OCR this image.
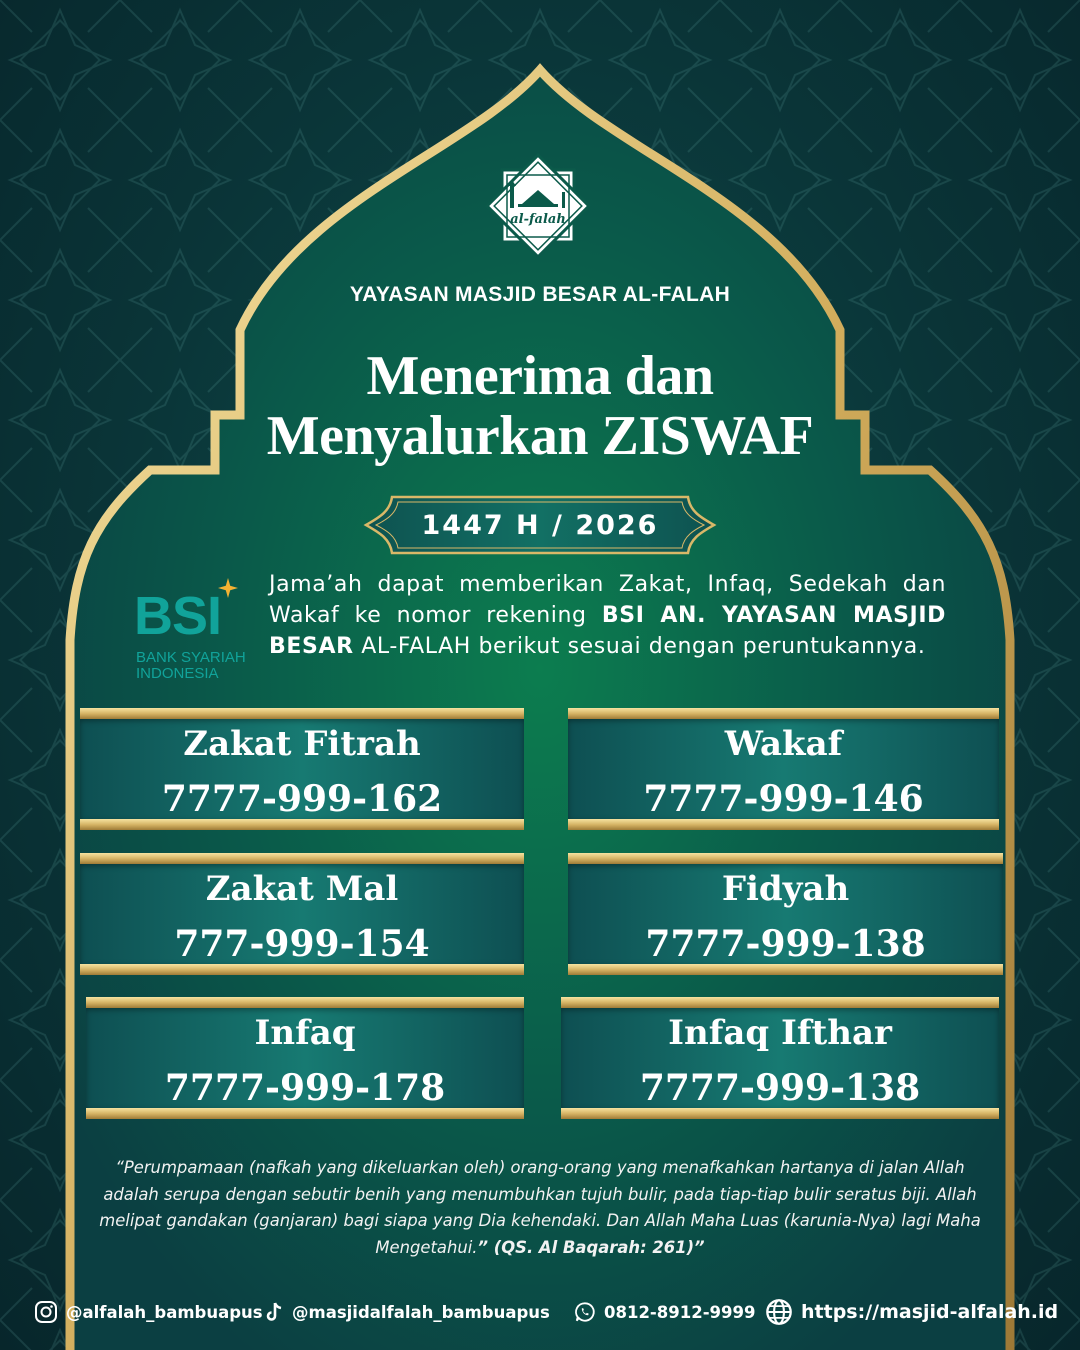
al-falah
YAYASAN MASJID BESAR AL-FALAH
Menerima dan
Menyalurkan ZISWAF
1447 H / 2026
BSI
BANK SYARIAH
INDONESIA
Jama’ah dapat memberikan Zakat, Infaq, Sedekah dan Wakaf ke nomor rekening BSI AN. YAYASAN MASJID BESAR AL-FALAH berikut sesuai dengan peruntukannya.
Zakat Fitrah
7777-999-162
Wakaf
7777-999-146
Zakat Mal
777-999-154
Fidyah
7777-999-138
Infaq
7777-999-178
Infaq Ifthar
7777-999-138
“Perumpamaan (nafkah yang dikeluarkan oleh) orang-orang yang menafkahkan hartanya di jalan Allah adalah serupa dengan sebutir benih yang menumbuhkan tujuh bulir, pada tiap-tiap bulir seratus biji. Allah melipat gandakan (ganjaran) bagi siapa yang Dia kehendaki. Dan Allah Maha Luas (karunia-Nya) lagi Maha Mengetahui.” (QS. Al Baqarah: 261)”
@alfalah_bambuapus @masjidalfalah_bambuapus	0812-8912-9999 https://masjid-alfalah.id
